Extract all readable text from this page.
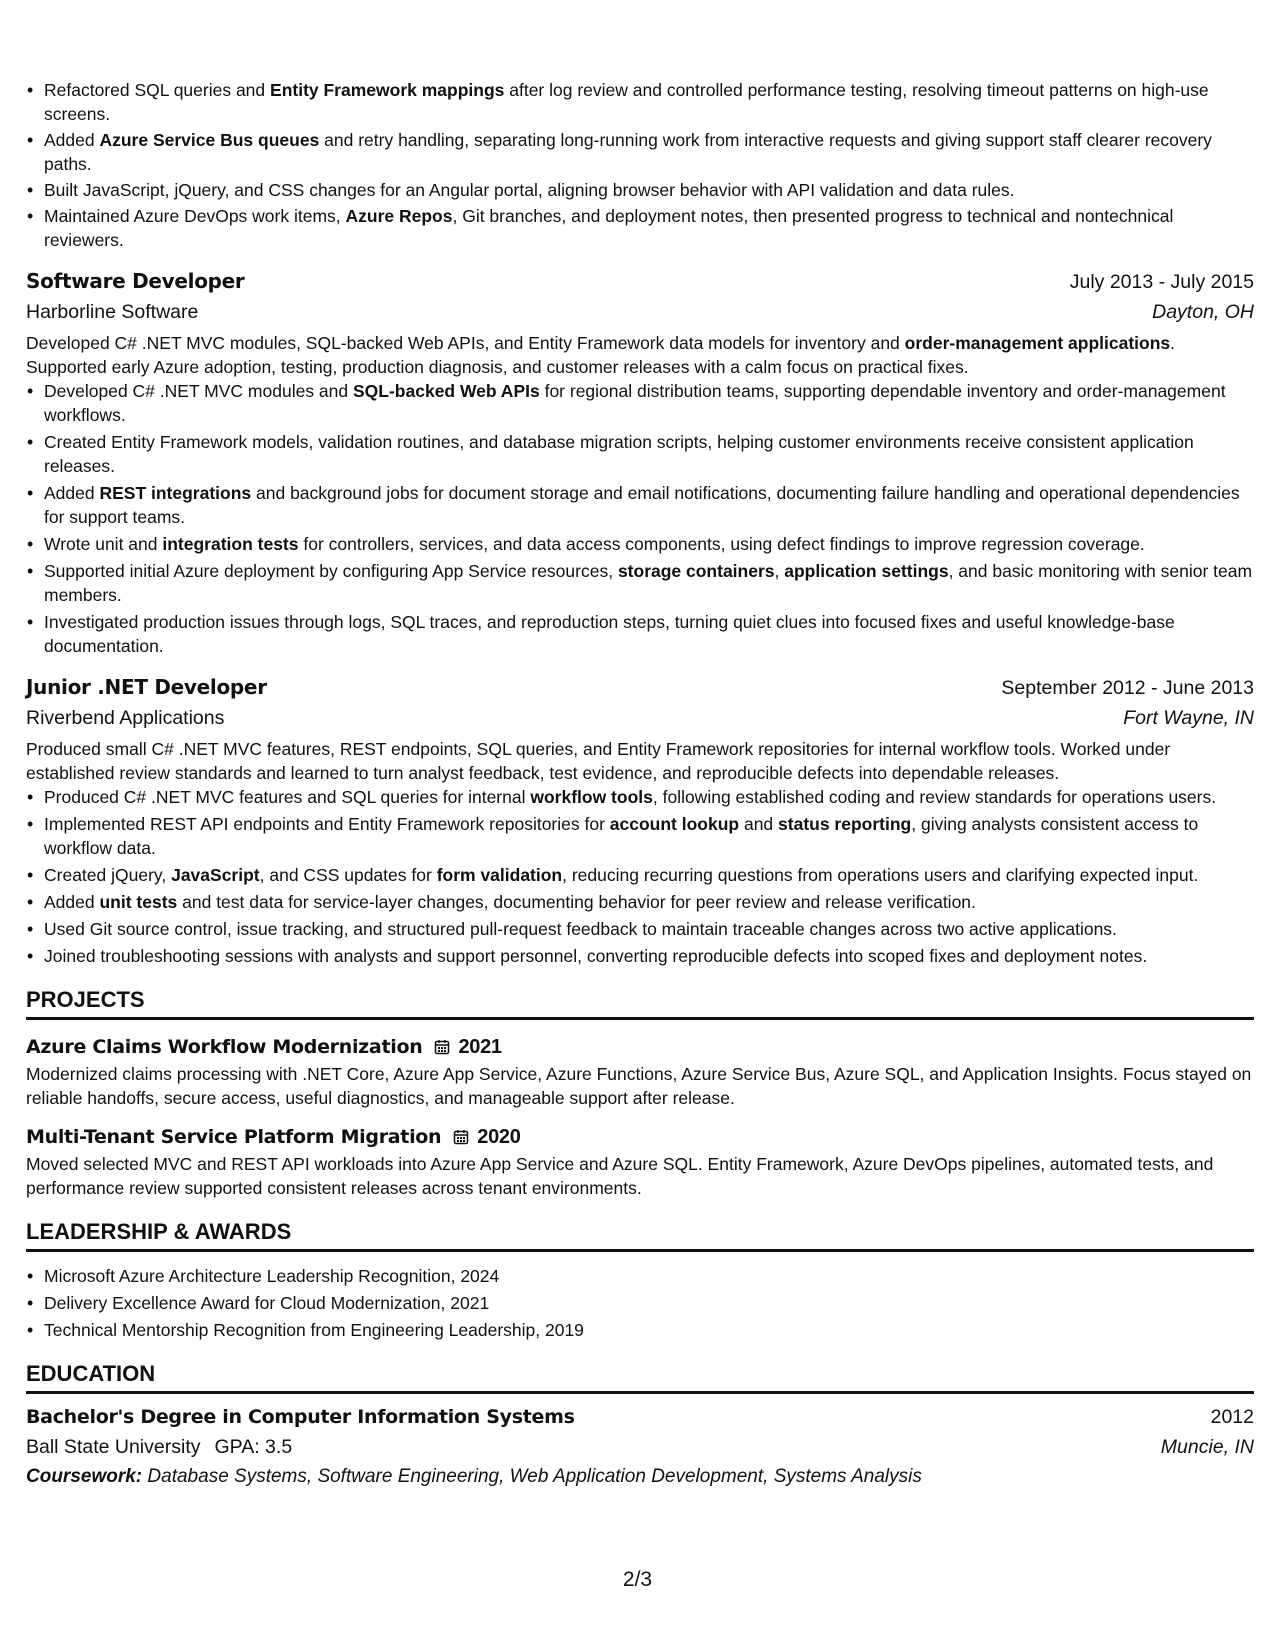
• Refactored SQL queries and Entity Framework mappings after log review and controlled performance testing, resolving timeout patterns on high-use screens.
• Added Azure Service Bus queues and retry handling, separating long-running work from interactive requests and giving support staff clearer recovery paths.
• Built JavaScript, jQuery, and CSS changes for an Angular portal, aligning browser behavior with API validation and data rules.
• Maintained Azure DevOps work items, Azure Repos, Git branches, and deployment notes, then presented progress to technical and nontechnical reviewers.
Software Developer	July 2013 - July 2015
Harborline Software	Dayton, OH

Developed C# .NET MVC modules, SQL-backed Web APIs, and Entity Framework data models for inventory and order-management applications. Supported early Azure adoption, testing, production diagnosis, and customer releases with a calm focus on practical fixes.

• Developed C# .NET MVC modules and SQL-backed Web APIs for regional distribution teams, supporting dependable inventory and order-management workflows.
• Created Entity Framework models, validation routines, and database migration scripts, helping customer environments receive consistent application releases.
• Added REST integrations and background jobs for document storage and email notifications, documenting failure handling and operational dependencies for support teams.
• Wrote unit and integration tests for controllers, services, and data access components, using defect findings to improve regression coverage.
• Supported initial Azure deployment by configuring App Service resources, storage containers, application settings, and basic monitoring with senior team members.
• Investigated production issues through logs, SQL traces, and reproduction steps, turning quiet clues into focused fixes and useful knowledge-base documentation.
Junior .NET Developer	September 2012 - June 2013
Riverbend Applications	Fort Wayne, IN

Produced small C# .NET MVC features, REST endpoints, SQL queries, and Entity Framework repositories for internal workflow tools. Worked under established review standards and learned to turn analyst feedback, test evidence, and reproducible defects into dependable releases.

• Produced C# .NET MVC features and SQL queries for internal workflow tools, following established coding and review standards for operations users.
• Implemented REST API endpoints and Entity Framework repositories for account lookup and status reporting, giving analysts consistent access to workflow data.
• Created jQuery, JavaScript, and CSS updates for form validation, reducing recurring questions from operations users and clarifying expected input.
• Added unit tests and test data for service-layer changes, documenting behavior for peer review and release verification.
• Used Git source control, issue tracking, and structured pull-request feedback to maintain traceable changes across two active applications.
• Joined troubleshooting sessions with analysts and support personnel, converting reproducible defects into scoped fixes and deployment notes.
PROJECTS
Azure Claims Workflow Modernization 2021
Modernized claims processing with .NET Core, Azure App Service, Azure Functions, Azure Service Bus, Azure SQL, and Application Insights. Focus stayed on reliable handoffs, secure access, useful diagnostics, and manageable support after release.
Multi-Tenant Service Platform Migration 2020
Moved selected MVC and REST API workloads into Azure App Service and Azure SQL. Entity Framework, Azure DevOps pipelines, automated tests, and performance review supported consistent releases across tenant environments.
LEADERSHIP & AWARDS
• Microsoft Azure Architecture Leadership Recognition, 2024
• Delivery Excellence Award for Cloud Modernization, 2021
• Technical Mentorship Recognition from Engineering Leadership, 2019
EDUCATION
Bachelor's Degree in Computer Information Systems	2012
Ball State University GPA: 3.5	Muncie, IN
Coursework: Database Systems, Software Engineering, Web Application Development, Systems Analysis
2/3
